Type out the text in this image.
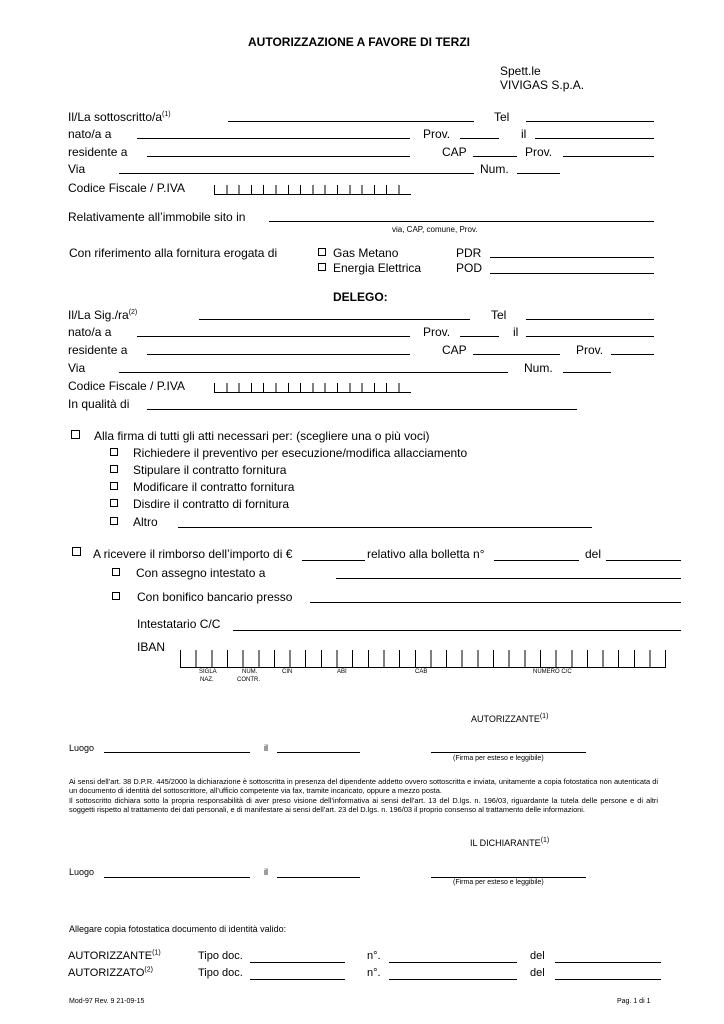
AUTORIZZAZIONE A FAVORE DI TERZI
Spett.le
VIVIGAS S.p.A.
Il/La sottoscritto/$a^{(1)}$	Tel
nato/a a	Prov.	il
residente a	CAP	Prov.
Via	Num.
Codice Fiscale / P.IVA
Relativamente all’immobile sito in
via, CAP, comune, Prov.
Con riferimento alla fornitura erogata di	Gas Metano	PDR
Energia Elettrica	POD
DELEGO:
Il/La $Sig./ra^{(2)}$	Tel
nato/a a	Prov.	il
residente a	CAP	Prov.
Via	Num.
Codice Fiscale / P.IVA
In qualità di
Alla firma di tutti gli atti necessari per: (scegliere una o più voci)
Richiedere il preventivo per esecuzione/modifica allacciamento
Stipulare il contratto fornitura
Modificare il contratto fornitura
Disdire il contratto di fornitura
Altro
A ricevere il rimborso dell’importo di €	relativo alla bolletta n°	del
Con assegno intestato a
Con bonifico bancario presso
Intestatario C/C
IBAN
SIGLA
NAZ.
NUM.
CONTR.
CIN	ABI	CAB	NUMERO C/C
AUTORIZZANTE$^{(1)}$
Luogo	il
(Firma per esteso e leggibile)
Ai sensi dell’art. 38 D.P.R. 445/2000 la dichiarazione è sottoscritta in presenza del dipendente addetto ovvero sottoscritta e inviata, unitamente a copia fotostatica non autenticata di un documento di identità del sottoscrittore, all’ufficio competente via fax, tramite incaricato, oppure a mezzo posta.
Il sottoscritto dichiara sotto la propria responsabilità di aver preso visione dell’informativa ai sensi dell’art. 13 del D.lgs. n. 196/03, riguardante la tutela delle persone e di altri soggetti rispetto al trattamento dei dati personali, e di manifestare ai sensi dell’art. 23 del D.lgs. n. 196/03 il proprio consenso al trattamento delle informazioni.
IL DICHIARANTE$^{(1)}$
Luogo	il
(Firma per esteso e leggibile)
Allegare copia fotostatica documento di identità valido:
AUTORIZZANTE$^{(1)}$	Tipo doc.	n°.	del
AUTORIZZATO$^{(2)}$	Tipo doc.	n°.	del
Mod-97 Rev. 9 21-09-15	Pag. 1 di 1
